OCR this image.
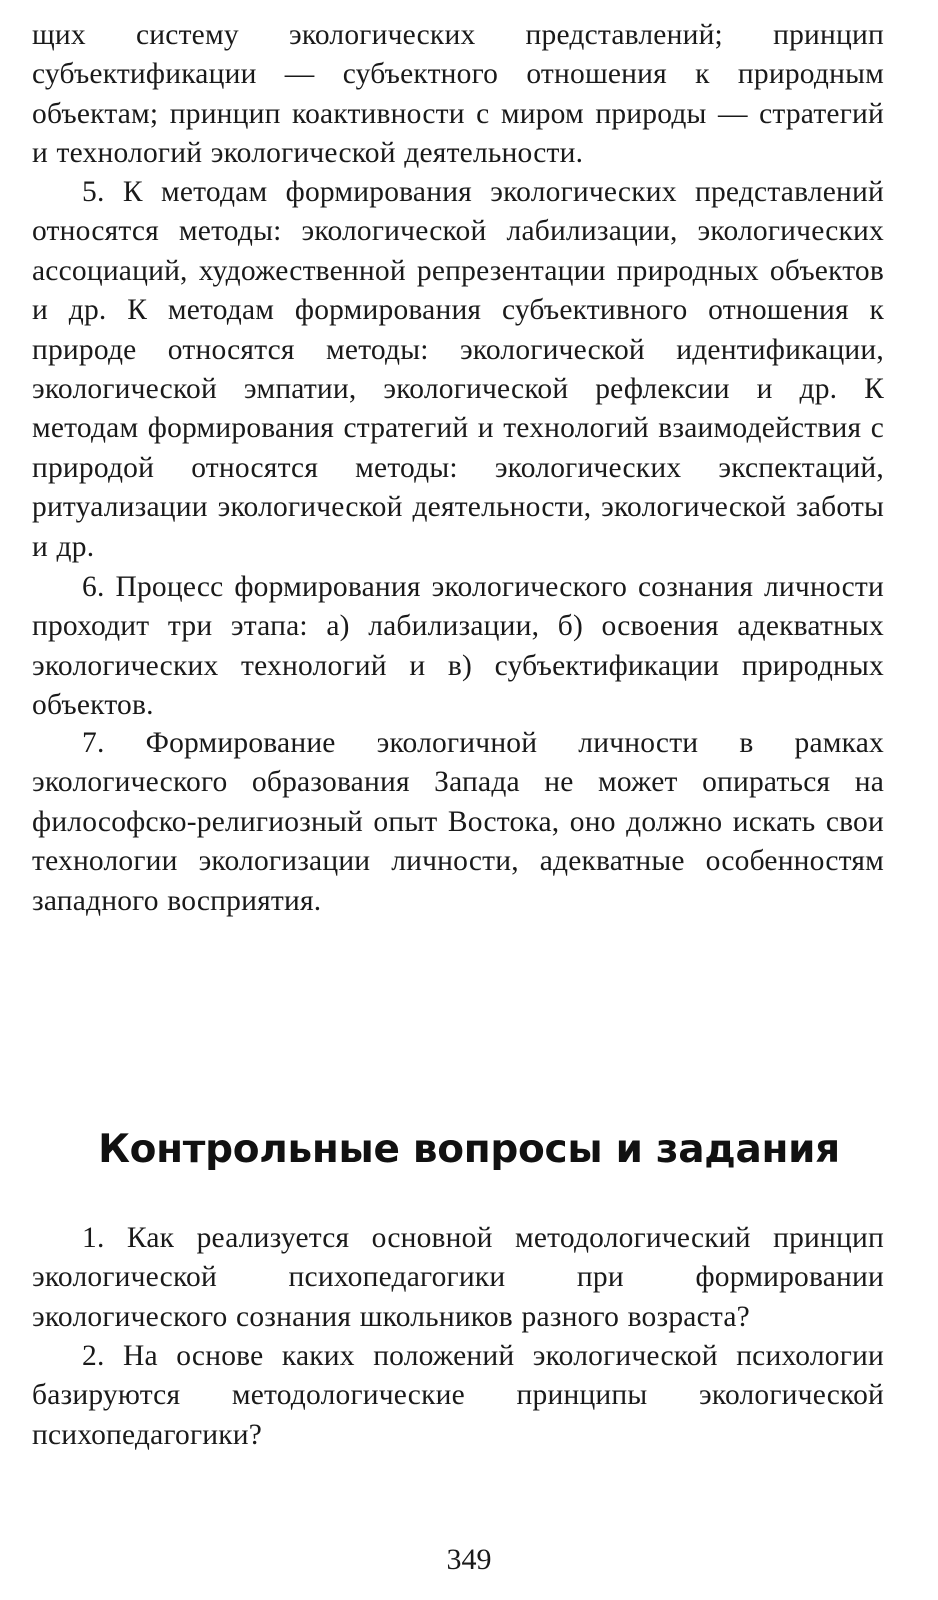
щих систему экологических представлений; принцип субъектификации — субъектного отношения к природным объектам; принцип коактивности с миром природы — стратегий и технологий экологической деятельности.

5. К методам формирования экологических представлений относятся методы: экологической лабилизации, экологических ассоциаций, художественной репрезентации природных объектов и др. К методам формирования субъективного отношения к природе относятся методы: экологической идентификации, экологической эмпатии, экологической рефлексии и др. К методам формирования стратегий и технологий взаимодействия с природой относятся методы: экологических экспектаций, ритуализации экологической деятельности, экологической заботы и др.

6. Процесс формирования экологического сознания личности проходит три этапа: а) лабилизации, б) освоения адекватных экологических технологий и в) субъектификации природных объектов.

7. Формирование экологичной личности в рамках экологического образования Запада не может опираться на философско-религиозный опыт Востока, оно должно искать свои технологии экологизации личности, адекватные особенностям западного восприятия.

Контрольные вопросы и задания

1. Как реализуется основной методологический принцип экологической психопедагогики при формировании экологического сознания школьников разного возраста?

2. На основе каких положений экологической психологии базируются методологические принципы экологической психопедагогики?

349
